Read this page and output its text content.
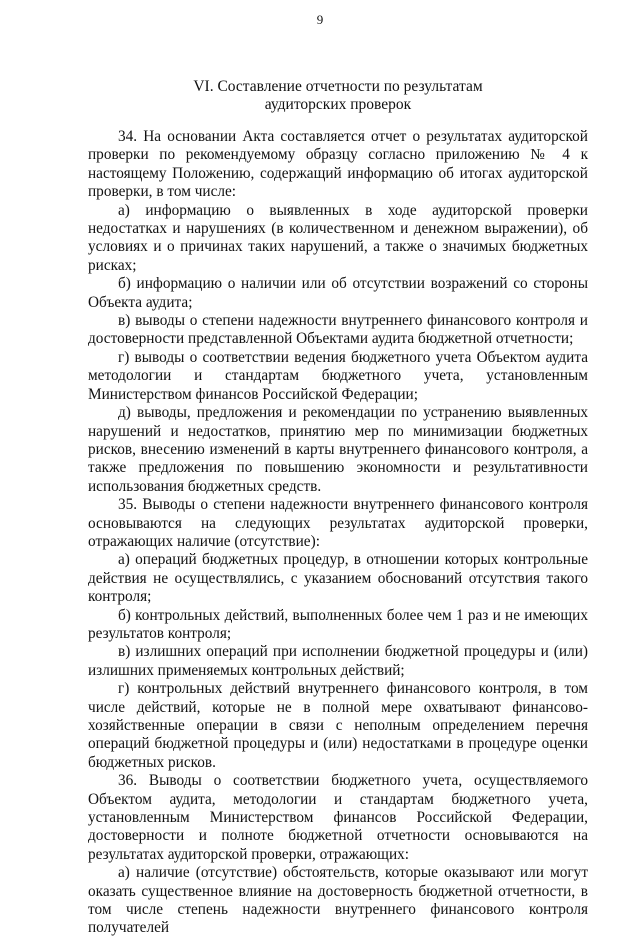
9
VI. Составление отчетности по результатам
аудиторских проверок

34. На основании Акта составляется отчет о результатах аудиторской проверки по рекомендуемому образцу согласно приложению № 4 к настоящему Положению, содержащий информацию об итогах аудиторской проверки, в том числе:

а) информацию о выявленных в ходе аудиторской проверки недостатках и нарушениях (в количественном и денежном выражении), об условиях и о причинах таких нарушений, а также о значимых бюджетных рисках;

б) информацию о наличии или об отсутствии возражений со стороны Объекта аудита;

в) выводы о степени надежности внутреннего финансового контроля и достоверности представленной Объектами аудита бюджетной отчетности;

г) выводы о соответствии ведения бюджетного учета Объектом аудита методологии и стандартам бюджетного учета, установленным Министерством финансов Российской Федерации;

д) выводы, предложения и рекомендации по устранению выявленных нарушений и недостатков, принятию мер по минимизации бюджетных рисков, внесению изменений в карты внутреннего финансового контроля, а также предложения по повышению экономности и результативности использования бюджетных средств.

35. Выводы о степени надежности внутреннего финансового контроля основываются на следующих результатах аудиторской проверки, отражающих наличие (отсутствие):

а) операций бюджетных процедур, в отношении которых контрольные действия не осуществлялись, с указанием обоснований отсутствия такого контроля;

б) контрольных действий, выполненных более чем 1 раз и не имеющих результатов контроля;

в) излишних операций при исполнении бюджетной процедуры и (или) излишних применяемых контрольных действий;

г) контрольных действий внутреннего финансового контроля, в том числе действий, которые не в полной мере охватывают финансово-хозяйственные операции в связи с неполным определением перечня операций бюджетной процедуры и (или) недостатками в процедуре оценки бюджетных рисков.

36. Выводы о соответствии бюджетного учета, осуществляемого Объектом аудита, методологии и стандартам бюджетного учета, установленным Министерством финансов Российской Федерации, достоверности и полноте бюджетной отчетности основываются на результатах аудиторской проверки, отражающих:

а) наличие (отсутствие) обстоятельств, которые оказывают или могут оказать существенное влияние на достоверность бюджетной отчетности, в том числе степень надежности внутреннего финансового контроля получателей
